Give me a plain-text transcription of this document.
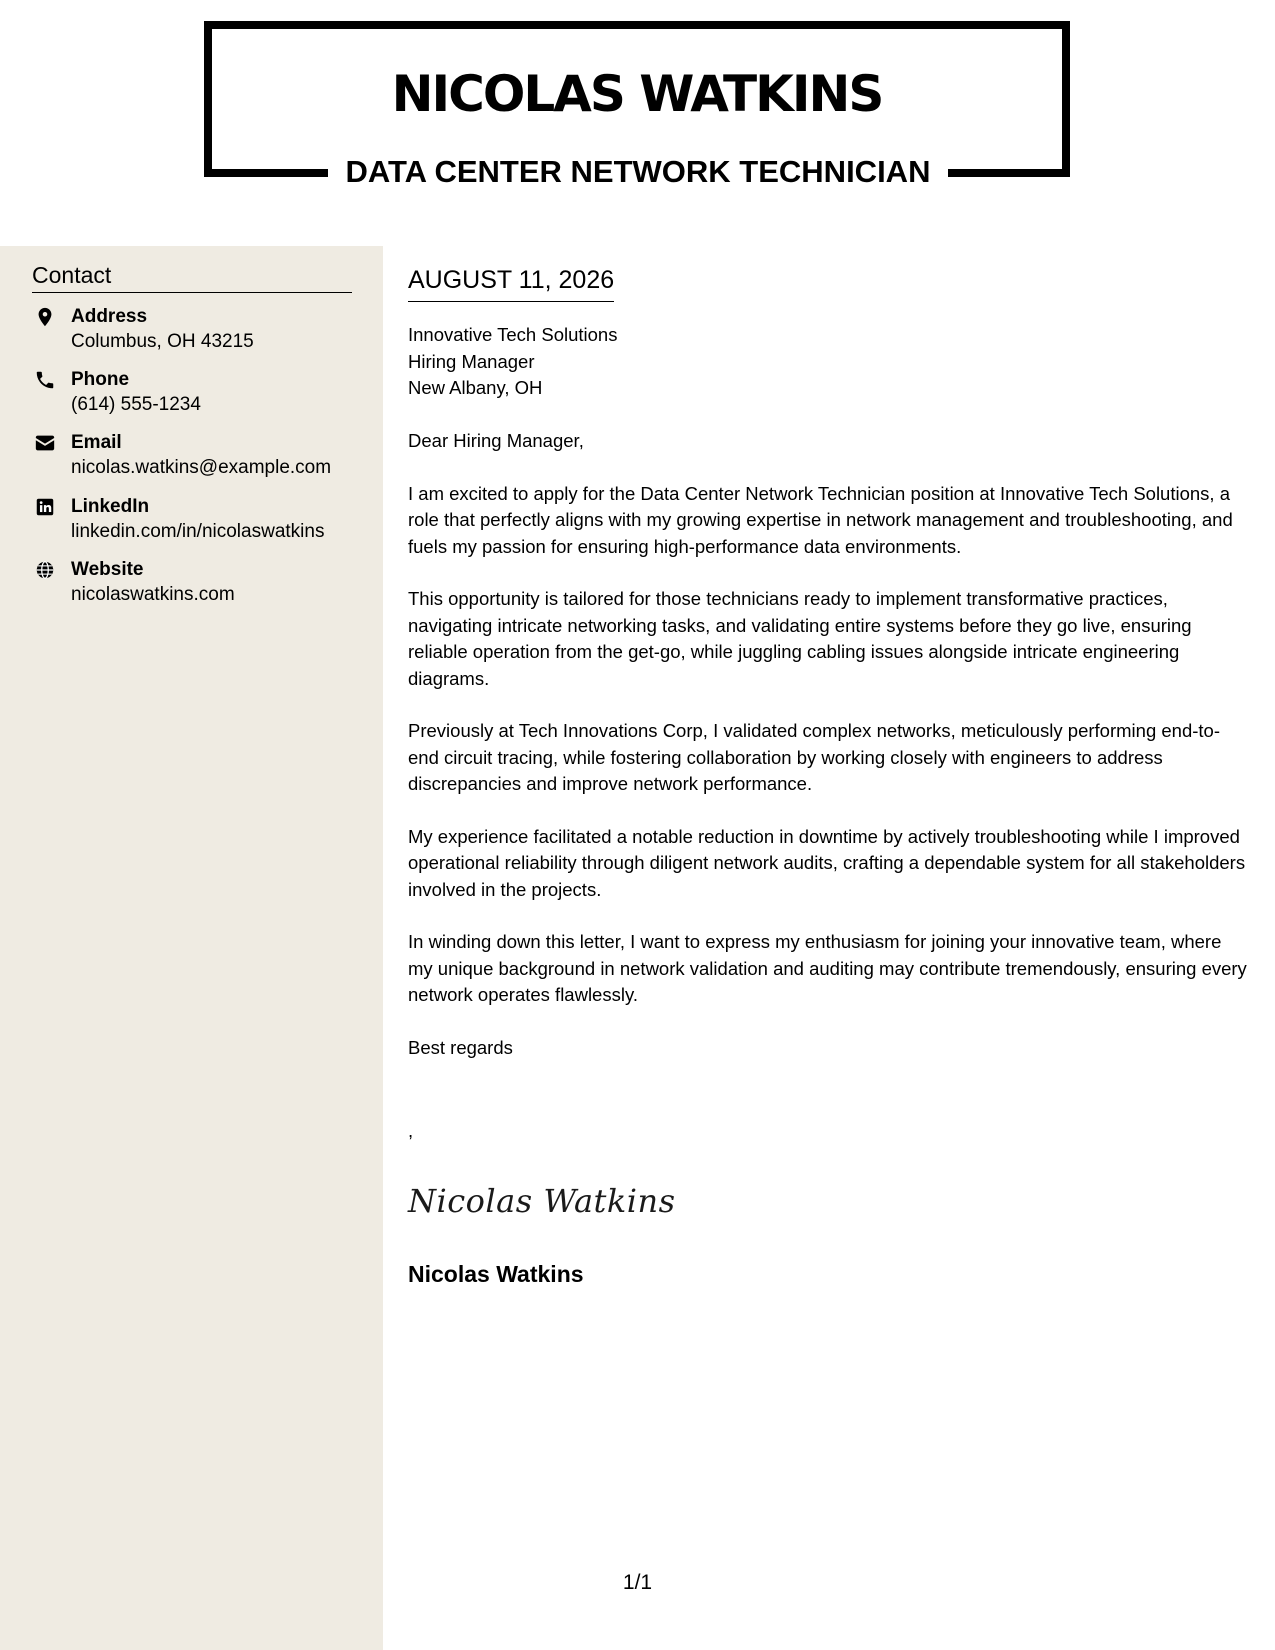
NICOLAS WATKINS
DATA CENTER NETWORK TECHNICIAN
Contact
Address
Columbus, OH 43215
Phone
(614) 555-1234
Email
nicolas.watkins@example.com
LinkedIn
linkedin.com/in/nicolaswatkins
Website
nicolaswatkins.com
AUGUST 11, 2026
Innovative Tech Solutions
Hiring Manager
New Albany, OH

Dear Hiring Manager,

I am excited to apply for the Data Center Network Technician position at Innovative Tech Solutions, a role that perfectly aligns with my growing expertise in network management and troubleshooting, and fuels my passion for ensuring high-performance data environments.

This opportunity is tailored for those technicians ready to implement transformative practices, navigating intricate networking tasks, and validating entire systems before they go live, ensuring reliable operation from the get-go, while juggling cabling issues alongside intricate engineering diagrams.

Previously at Tech Innovations Corp, I validated complex networks, meticulously performing end-to-end circuit tracing, while fostering collaboration by working closely with engineers to address discrepancies and improve network performance.

My experience facilitated a notable reduction in downtime by actively troubleshooting while I improved operational reliability through diligent network audits, crafting a dependable system for all stakeholders involved in the projects.

In winding down this letter, I want to express my enthusiasm for joining your innovative team, where my unique background in network validation and auditing may contribute tremendously, ensuring every network operates flawlessly.

Best regards

,
Nicolas Watkins
Nicolas Watkins
1/1
